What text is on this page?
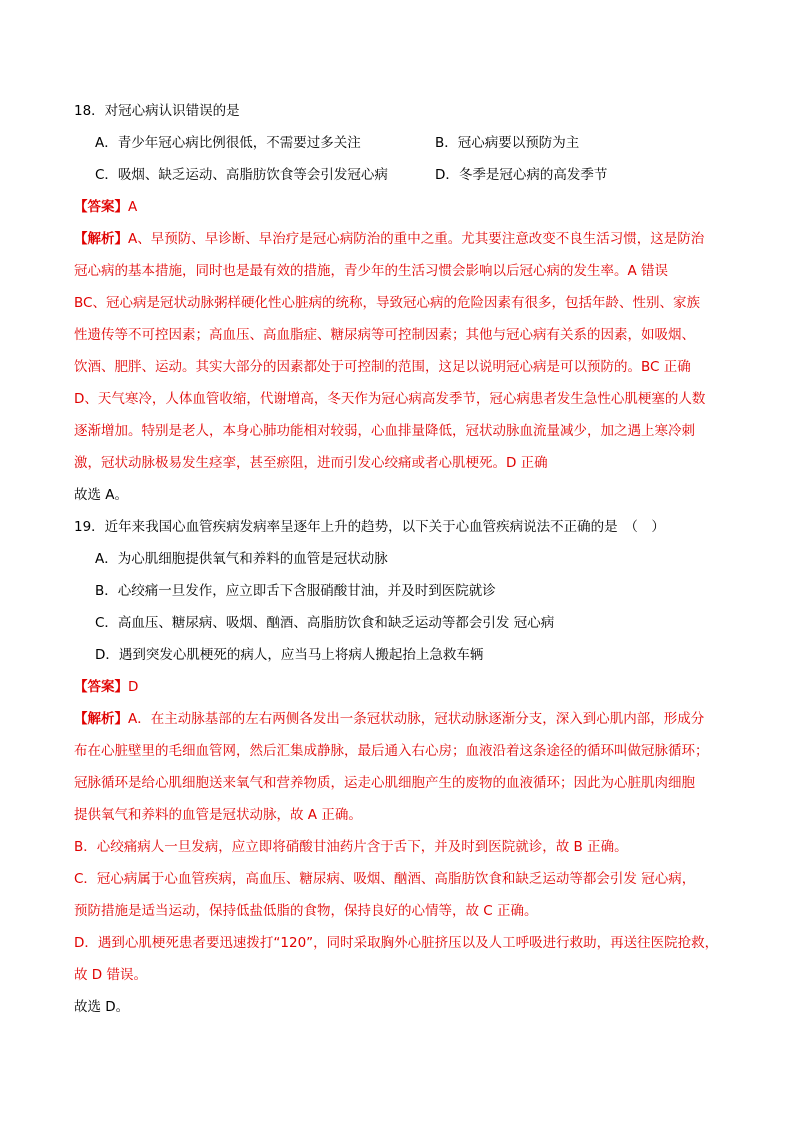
18．对冠心病认识错误的是
A．青少年冠心病比例很低，不需要过多关注	B．冠心病要以预防为主
C．吸烟、缺乏运动、高脂肪饮食等会引发冠心病	D．冬季是冠心病的高发季节
【答案】A
【解析】A、早预防、早诊断、早治疗是冠心病防治的重中之重。尤其要注意改变不良生活习惯，这是防治
冠心病的基本措施，同时也是最有效的措施，青少年的生活习惯会影响以后冠心病的发生率。A 错误
BC、冠心病是冠状动脉粥样硬化性心脏病的统称，导致冠心病的危险因素有很多，包括年龄、性别、家族
性遗传等不可控因素；高血压、高血脂症、糖尿病等可控制因素；其他与冠心病有关系的因素，如吸烟、
饮酒、肥胖、运动。其实大部分的因素都处于可控制的范围，这足以说明冠心病是可以预防的。BC 正确
D、天气寒冷，人体血管收缩，代谢增高，冬天作为冠心病高发季节，冠心病患者发生急性心肌梗塞的人数
逐渐增加。特别是老人，本身心肺功能相对较弱，心血排量降低，冠状动脉血流量减少，加之遇上寒冷刺
激，冠状动脉极易发生痉挛，甚至瘀阻，进而引发心绞痛或者心肌梗死。D 正确
故选 A。
19．近年来我国心血管疾病发病率呈逐年上升的趋势，以下关于心血管疾病说法不正确的是　（　）
A．为心肌细胞提供氧气和养料的血管是冠状动脉
B．心绞痛一旦发作，应立即舌下含服硝酸甘油，并及时到医院就诊
C．高血压、糖尿病、吸烟、酗酒、高脂肪饮食和缺乏运动等都会引发 冠心病
D．遇到突发心肌梗死的病人，应当马上将病人搬起抬上急救车辆
【答案】D
【解析】A．在主动脉基部的左右两侧各发出一条冠状动脉，冠状动脉逐渐分支，深入到心肌内部，形成分
布在心脏壁里的毛细血管网，然后汇集成静脉，最后通入右心房；血液沿着这条途径的循环叫做冠脉循环；
冠脉循环是给心肌细胞送来氧气和营养物质，运走心肌细胞产生的废物的血液循环；因此为心脏肌肉细胞
提供氧气和养料的血管是冠状动脉，故 A 正确。
B．心绞痛病人一旦发病，应立即将硝酸甘油药片含于舌下，并及时到医院就诊，故 B 正确。
C．冠心病属于心血管疾病，高血压、糖尿病、吸烟、酗酒、高脂肪饮食和缺乏运动等都会引发 冠心病，
预防措施是适当运动，保持低盐低脂的食物，保持良好的心情等，故 C 正确。
D．遇到心肌梗死患者要迅速拨打“120”，同时采取胸外心脏挤压以及人工呼吸进行救助，再送往医院抢救，
故 D 错误。
故选 D。
